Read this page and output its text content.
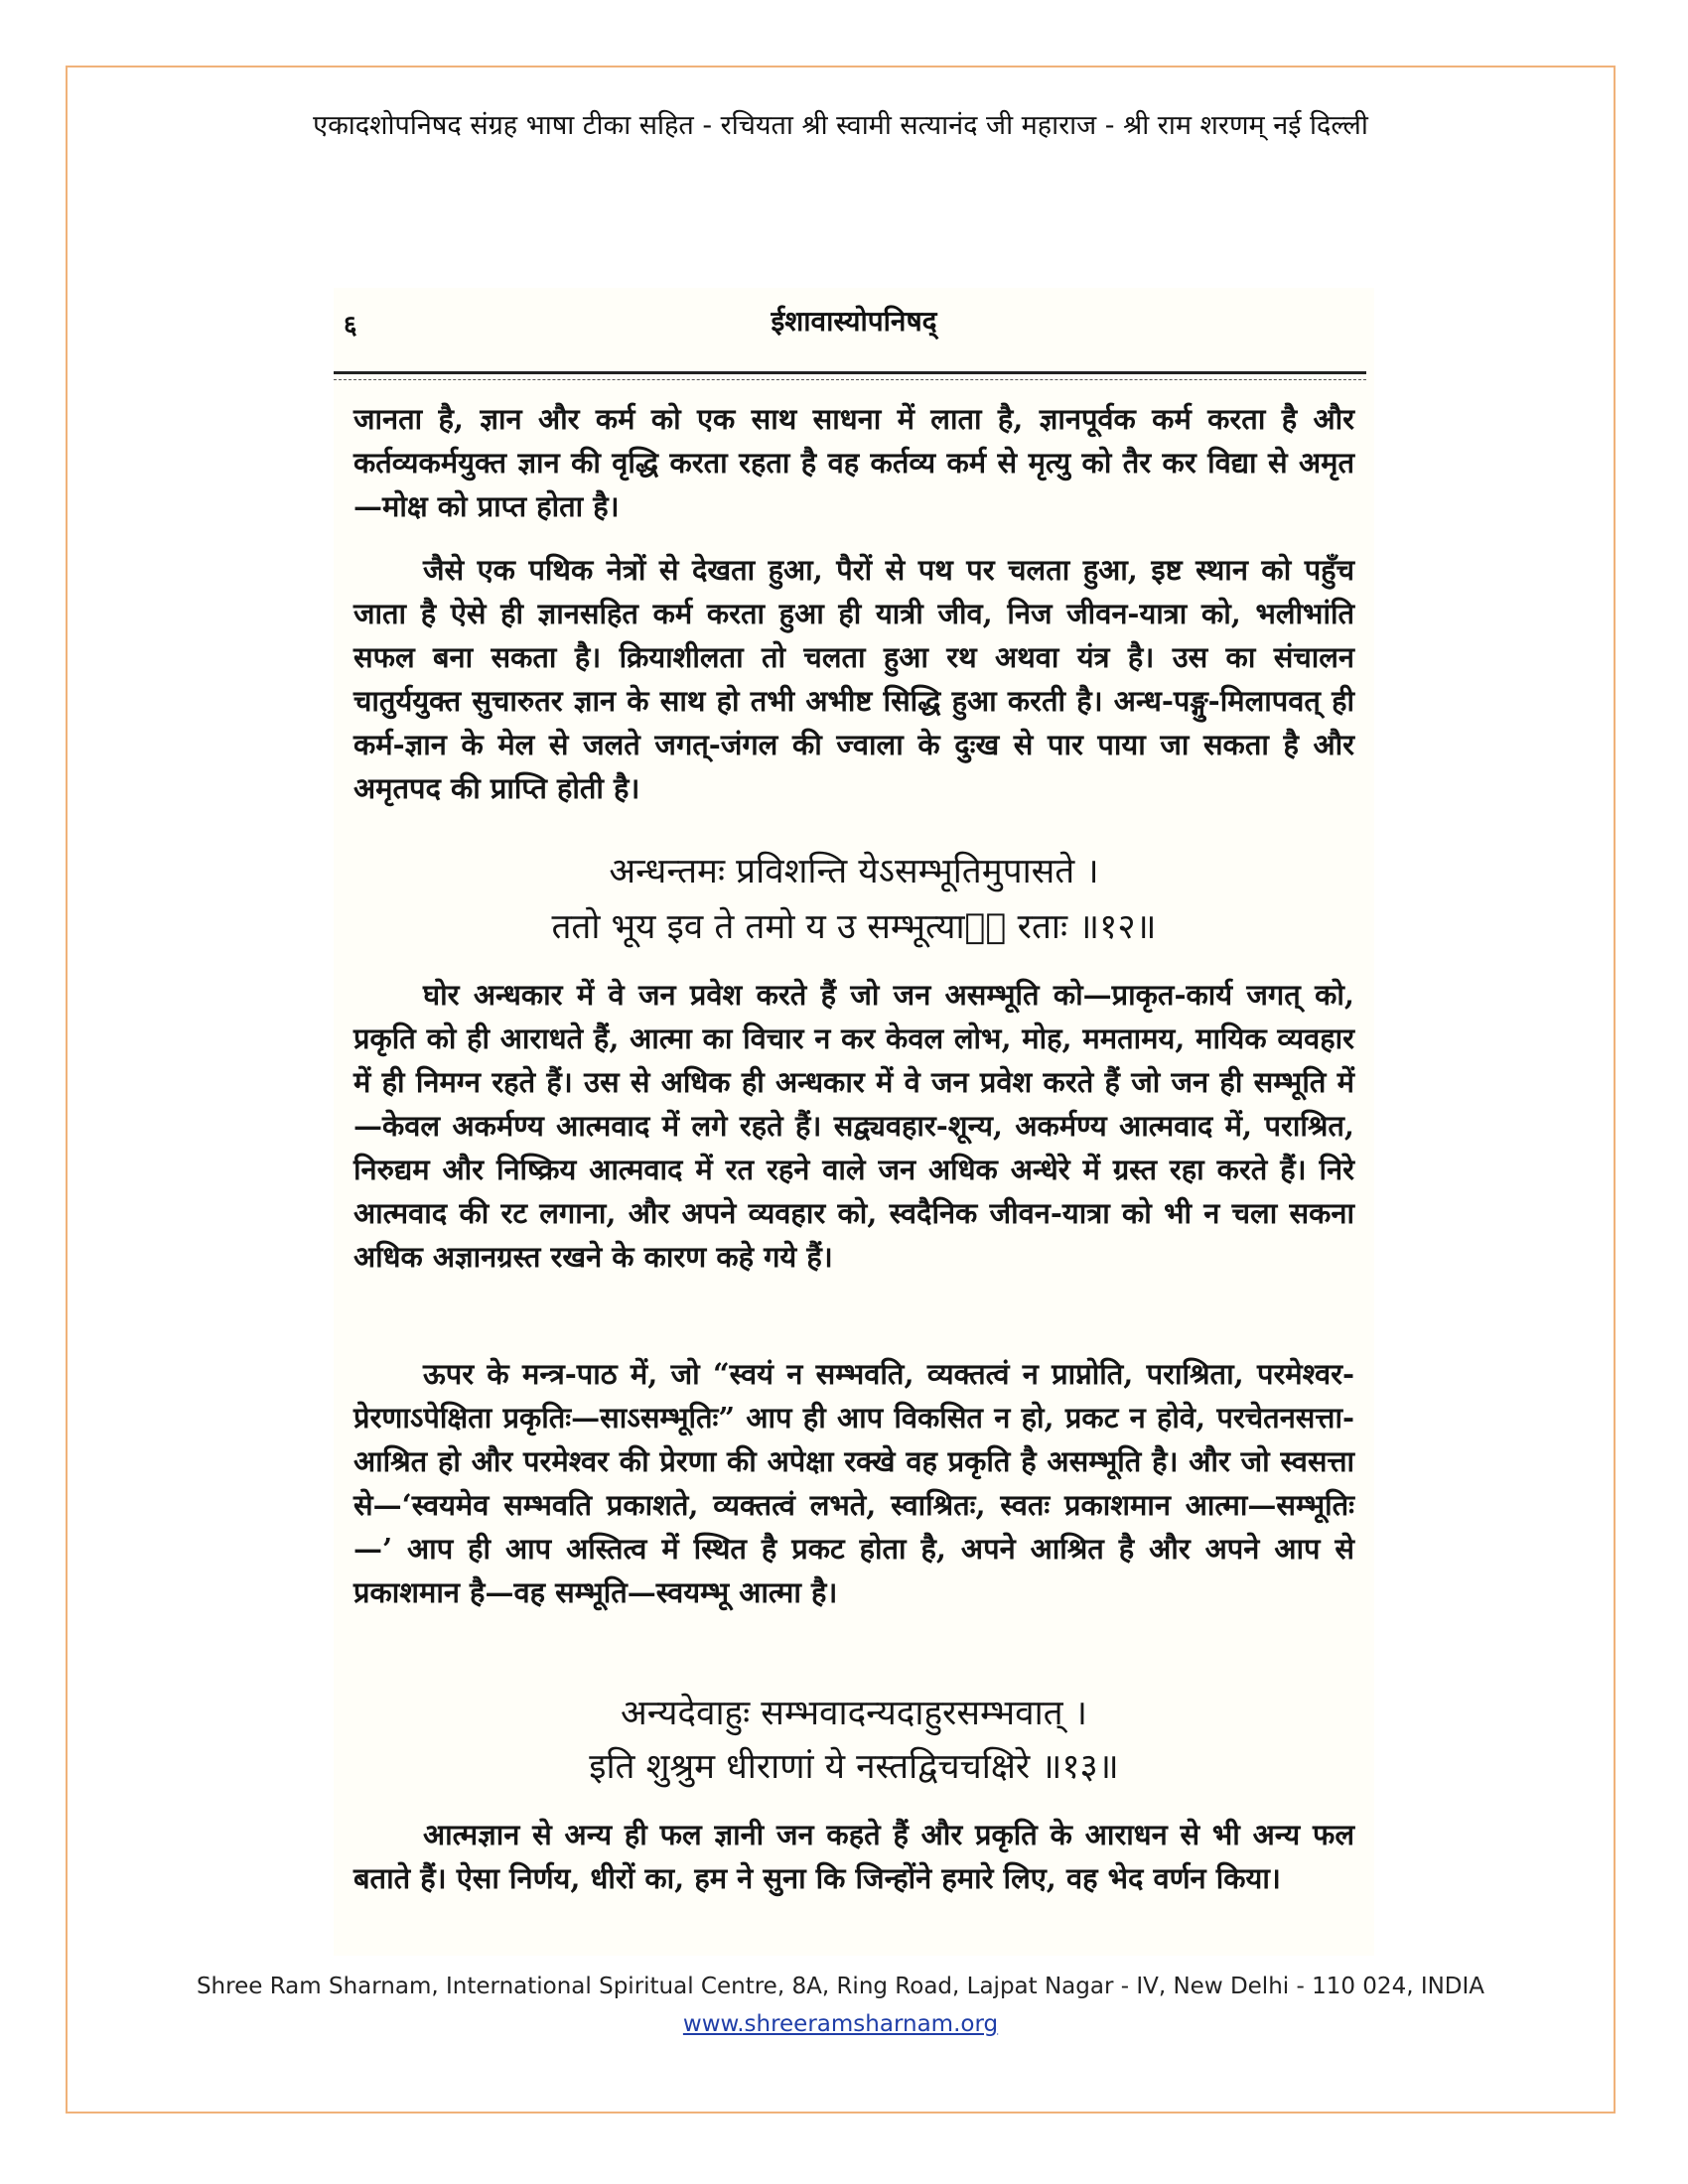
एकादशोपनिषद संग्रह भाषा टीका सहित - रचियता श्री स्वामी सत्यानंद जी महाराज - श्री राम शरणम् नई दिल्ली
६	ईशावास्योपनिषद्
जानता है, ज्ञान और कर्म को एक साथ साधना में लाता है, ज्ञानपूर्वक कर्म करता है और कर्तव्यकर्मयुक्त ज्ञान की वृद्धि करता रहता है वह कर्तव्य कर्म से मृत्यु को तैर कर विद्या से अमृत—मोक्ष को प्राप्त होता है।
जैसे एक पथिक नेत्रों से देखता हुआ, पैरों से पथ पर चलता हुआ, इष्ट स्थान को पहुँच जाता है ऐसे ही ज्ञानसहित कर्म करता हुआ ही यात्री जीव, निज जीवन-यात्रा को, भलीभांति सफल बना सकता है। क्रियाशीलता तो चलता हुआ रथ अथवा यंत्र है। उस का संचालन चातुर्ययुक्त सुचारुतर ज्ञान के साथ हो तभी अभीष्ट सिद्धि हुआ करती है। अन्ध-पङ्गु-मिलापवत् ही कर्म-ज्ञान के मेल से जलते जगत्-जंगल की ज्वाला के दुःख से पार पाया जा सकता है और अमृतपद की प्राप्ति होती है।
अन्धन्तमः प्रविशन्ति येऽसम्भूतिमुपासते ।
ततो भूय इव ते तमो य उ सम्भूत्याᳩं रताः ॥१२॥
घोर अन्धकार में वे जन प्रवेश करते हैं जो जन असम्भूति को—प्राकृत-कार्य जगत् को, प्रकृति को ही आराधते हैं, आत्मा का विचार न कर केवल लोभ, मोह, ममतामय, मायिक व्यवहार में ही निमग्न रहते हैं। उस से अधिक ही अन्धकार में वे जन प्रवेश करते हैं जो जन ही सम्भूति में—केवल अकर्मण्य आत्मवाद में लगे रहते हैं। सद्व्यवहार-शून्य, अकर्मण्य आत्मवाद में, पराश्रित, निरुद्यम और निष्क्रिय आत्मवाद में रत रहने वाले जन अधिक अन्धेरे में ग्रस्त रहा करते हैं। निरे आत्मवाद की रट लगाना, और अपने व्यवहार को, स्वदैनिक जीवन-यात्रा को भी न चला सकना अधिक अज्ञानग्रस्त रखने के कारण कहे गये हैं।
ऊपर के मन्त्र-पाठ में, जो “स्वयं न सम्भवति, व्यक्तत्वं न प्राप्नोति, पराश्रिता, परमेश्वर-प्रेरणाऽपेक्षिता प्रकृतिः—साऽसम्भूतिः” आप ही आप विकसित न हो, प्रकट न होवे, परचेतनसत्ता-आश्रित हो और परमेश्वर की प्रेरणा की अपेक्षा रक्खे वह प्रकृति है असम्भूति है। और जो स्वसत्ता से—‘स्वयमेव सम्भवति प्रकाशते, व्यक्तत्वं लभते, स्वाश्रितः, स्वतः प्रकाशमान आत्मा—सम्भूतिः—’ आप ही आप अस्तित्व में स्थित है प्रकट होता है, अपने आश्रित है और अपने आप से प्रकाशमान है—वह सम्भूति—स्वयम्भू आत्मा है।
अन्यदेवाहुः सम्भवादन्यदाहुरसम्भवात् ।
इति शुश्रुम धीराणां ये नस्तद्विचचक्षिरे ॥१३॥
आत्मज्ञान से अन्य ही फल ज्ञानी जन कहते हैं और प्रकृति के आराधन से भी अन्य फल बताते हैं। ऐसा निर्णय, धीरों का, हम ने सुना कि जिन्होंने हमारे लिए, वह भेद वर्णन किया।
Shree Ram Sharnam, International Spiritual Centre, 8A, Ring Road, Lajpat Nagar - IV, New Delhi - 110 024, INDIA
www.shreeramsharnam.org
